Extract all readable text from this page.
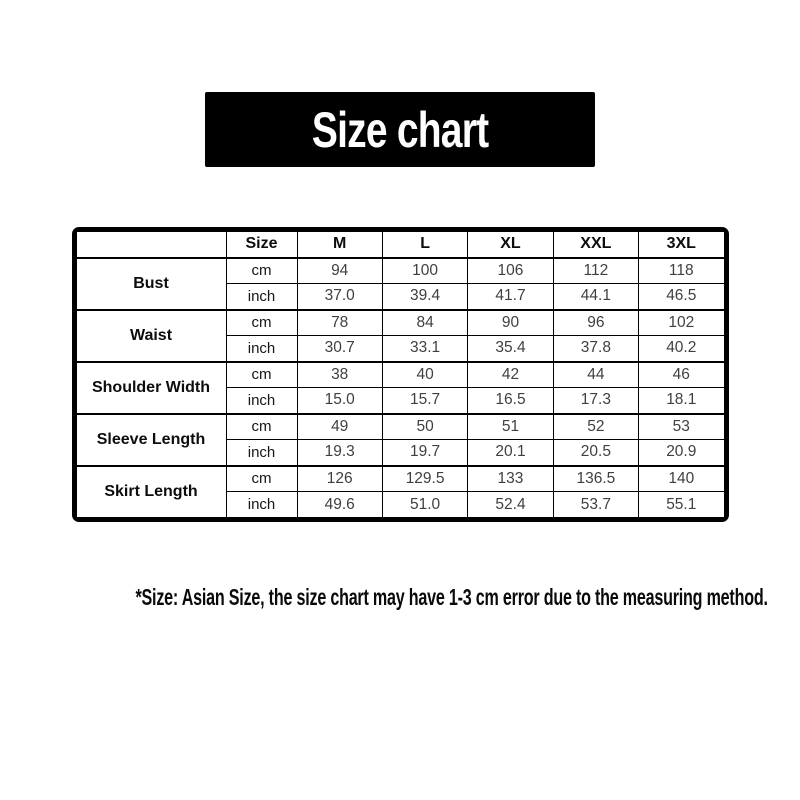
Size chart
	Size	M	L	XL	XXL	3XL
Bust	cm	94	100	106	112	118
	inch	37.0	39.4	41.7	44.1	46.5
Waist	cm	78	84	90	96	102
	inch	30.7	33.1	35.4	37.8	40.2
Shoulder Width	cm	38	40	42	44	46
	inch	15.0	15.7	16.5	17.3	18.1
Sleeve Length	cm	49	50	51	52	53
	inch	19.3	19.7	20.1	20.5	20.9
Skirt Length	cm	126	129.5	133	136.5	140
	inch	49.6	51.0	52.4	53.7	55.1
*Size: Asian Size, the size chart may have 1-3 cm error due to the measuring method.
